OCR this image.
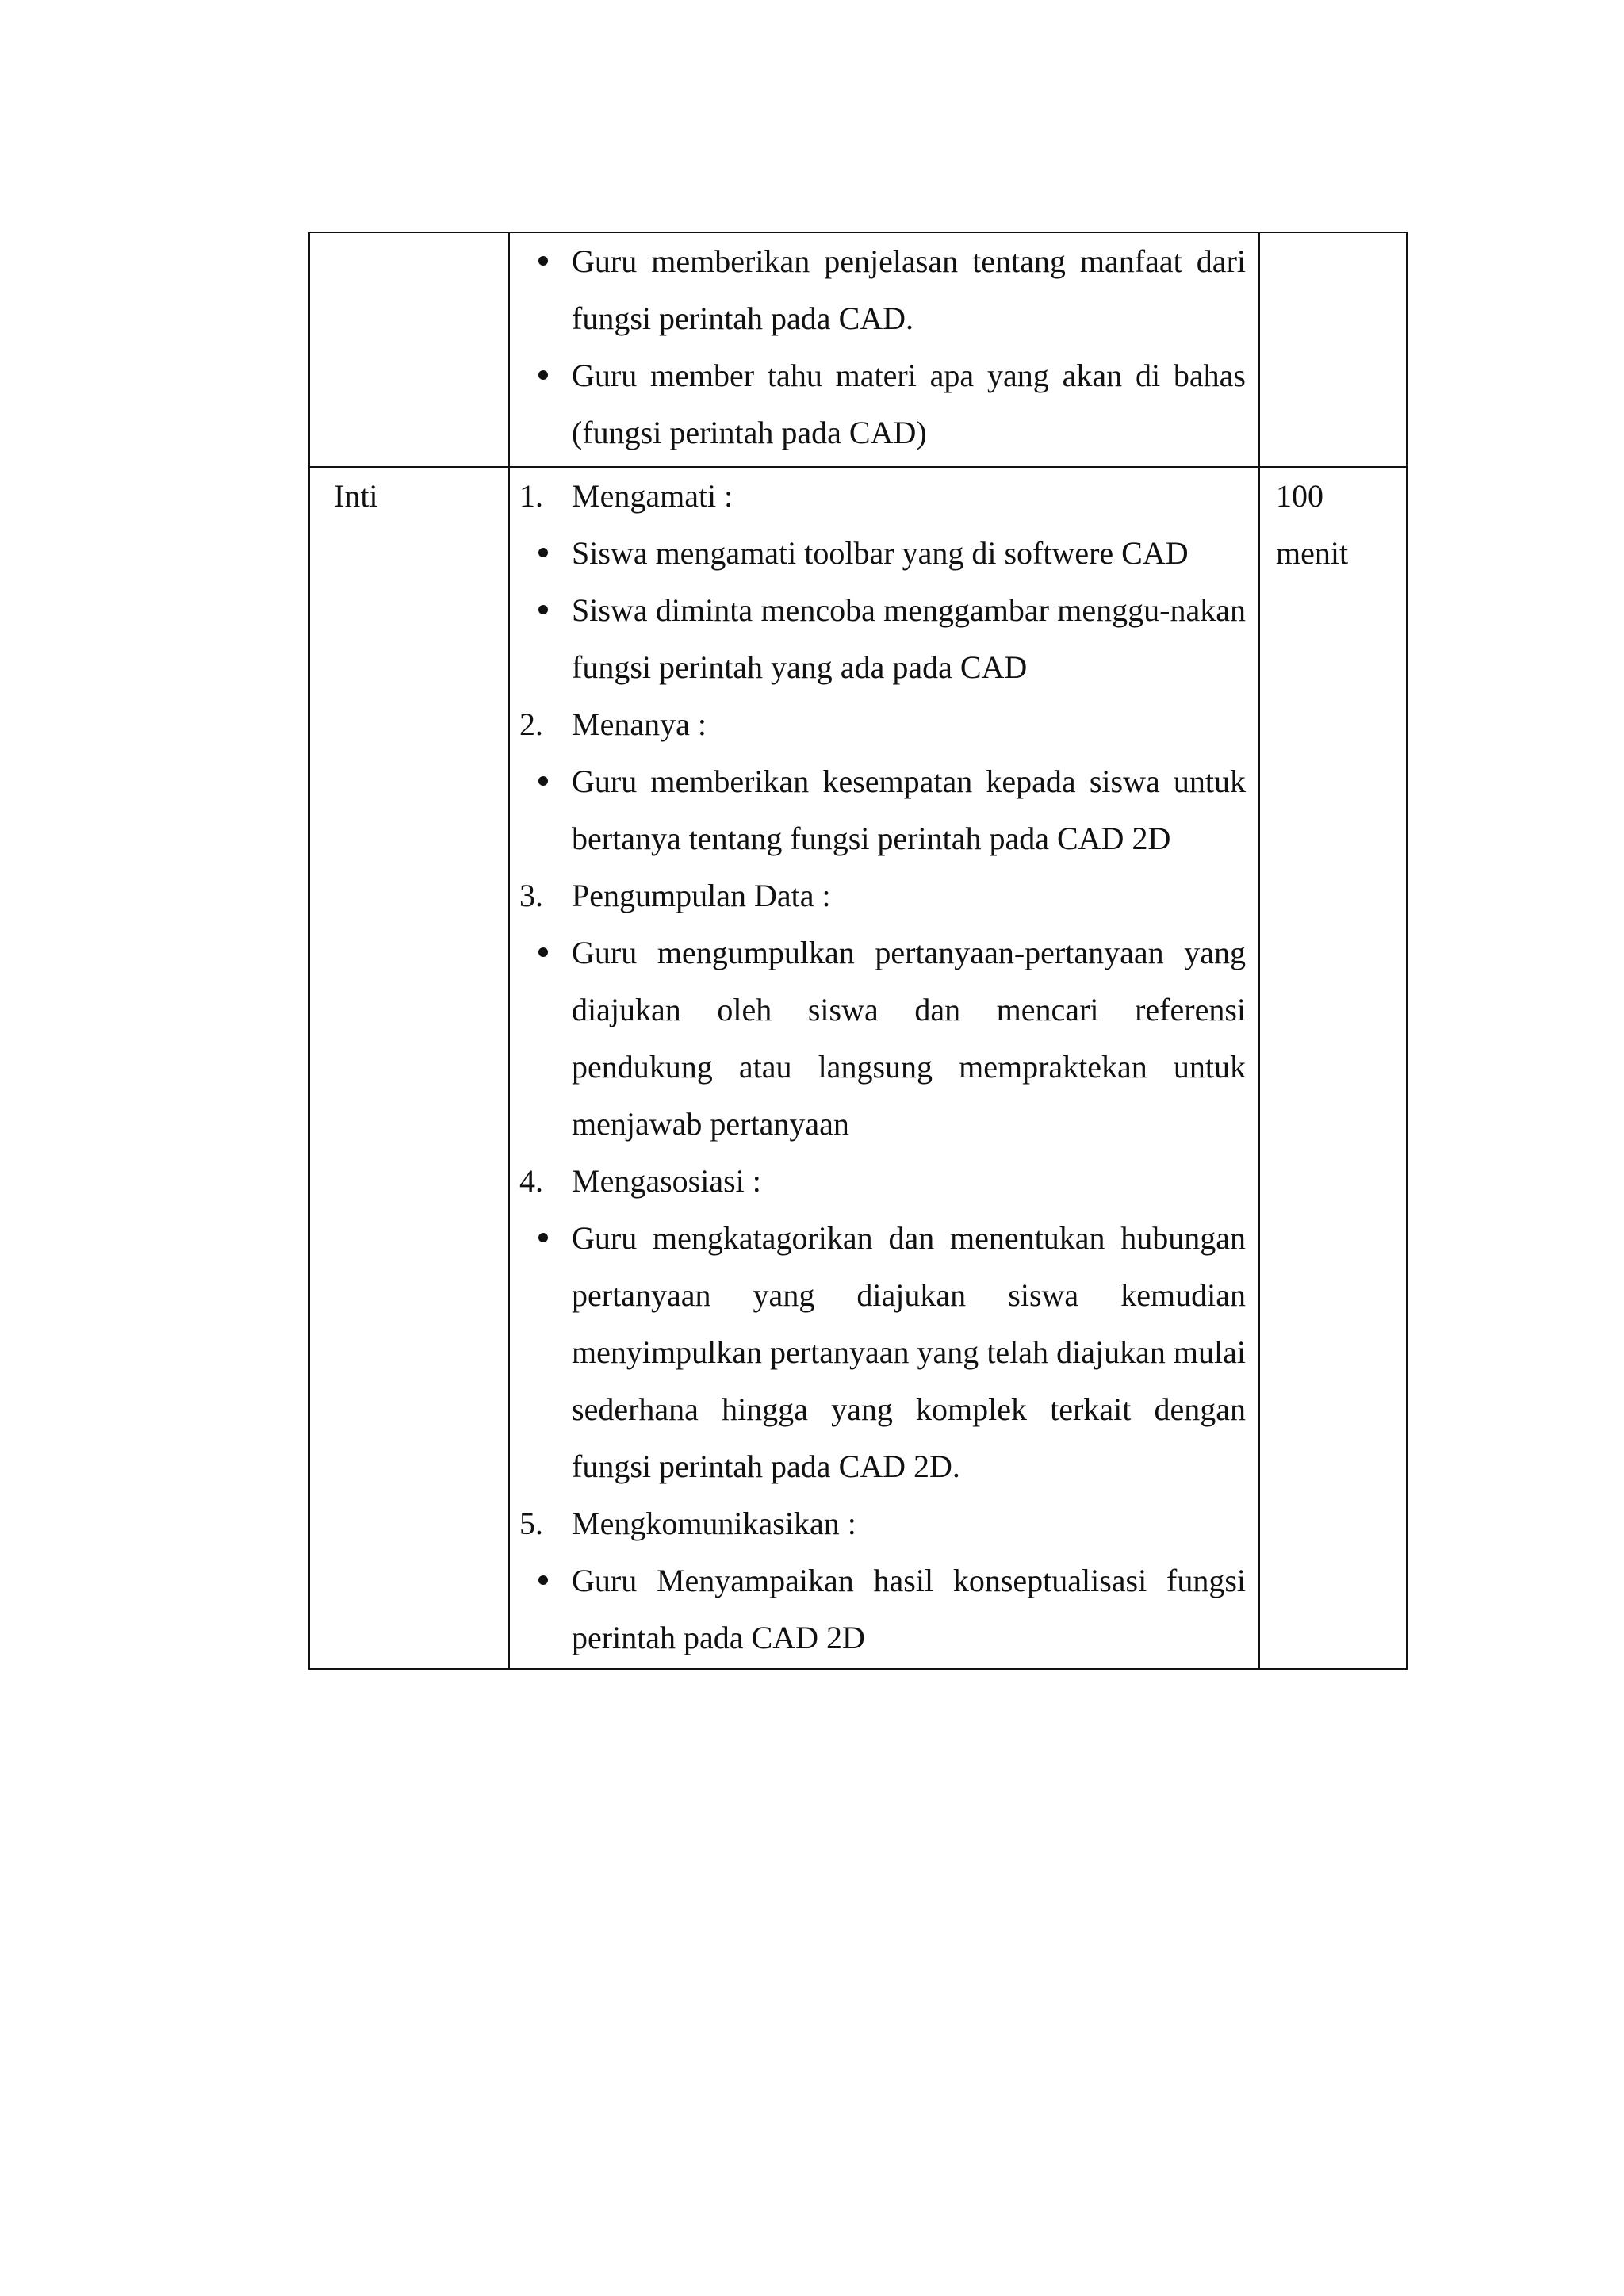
Guru memberikan penjelasan tentang manfaat dari fungsi perintah pada CAD.
Guru member tahu materi apa yang akan di bahas (fungsi perintah pada CAD)
Inti	1. Mengamati :
Siswa mengamati toolbar yang di softwere CAD
Siswa diminta mencoba menggambar menggu-nakan fungsi perintah yang ada pada CAD
2. Menanya :
Guru memberikan kesempatan kepada siswa untuk bertanya tentang fungsi perintah pada CAD 2D
3. Pengumpulan Data :
Guru mengumpulkan pertanyaan-pertanyaan yang diajukan oleh siswa dan mencari referensi pendukung atau langsung mempraktekan untuk menjawab pertanyaan
4. Mengasosiasi :
Guru mengkatagorikan dan menentukan hubungan pertanyaan yang diajukan siswa kemudian menyimpulkan pertanyaan yang telah diajukan mulai sederhana hingga yang komplek terkait dengan fungsi perintah pada CAD 2D.
5. Mengkomunikasikan :
Guru Menyampaikan hasil konseptualisasi fungsi perintah pada CAD 2D
100
menit
